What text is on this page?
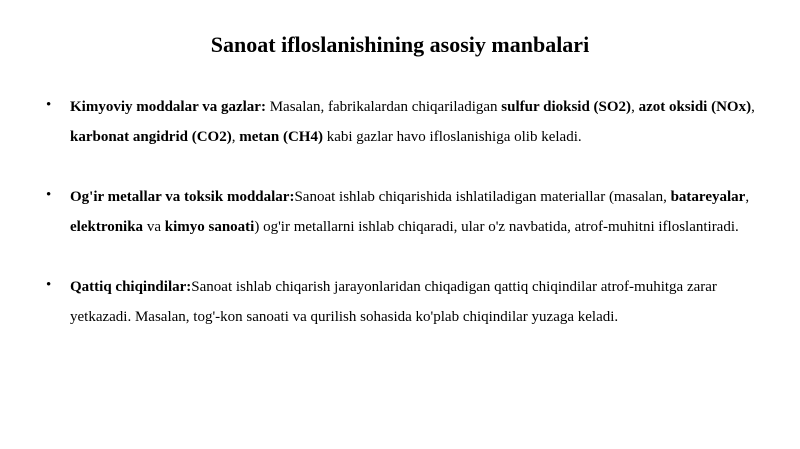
Sanoat ifloslanishining asosiy manbalari
• Kimyoviy moddalar va gazlar: Masalan, fabrikalardan chiqariladigan sulfur dioksid (SO2), azot oksidi (NOx), karbonat angidrid (CO2), metan (CH4) kabi gazlar havo ifloslanishiga olib keladi.
• Og'ir metallar va toksik moddalar:Sanoat ishlab chiqarishida ishlatiladigan materiallar (masalan, batareyalar, elektronika va kimyo sanoati) og'ir metallarni ishlab chiqaradi, ular o'z navbatida, atrof-muhitni ifloslantiradi.
• Qattiq chiqindilar:Sanoat ishlab chiqarish jarayonlaridan chiqadigan qattiq chiqindilar atrof-muhitga zarar yetkazadi. Masalan, tog'-kon sanoati va qurilish sohasida ko'plab chiqindilar yuzaga keladi.
